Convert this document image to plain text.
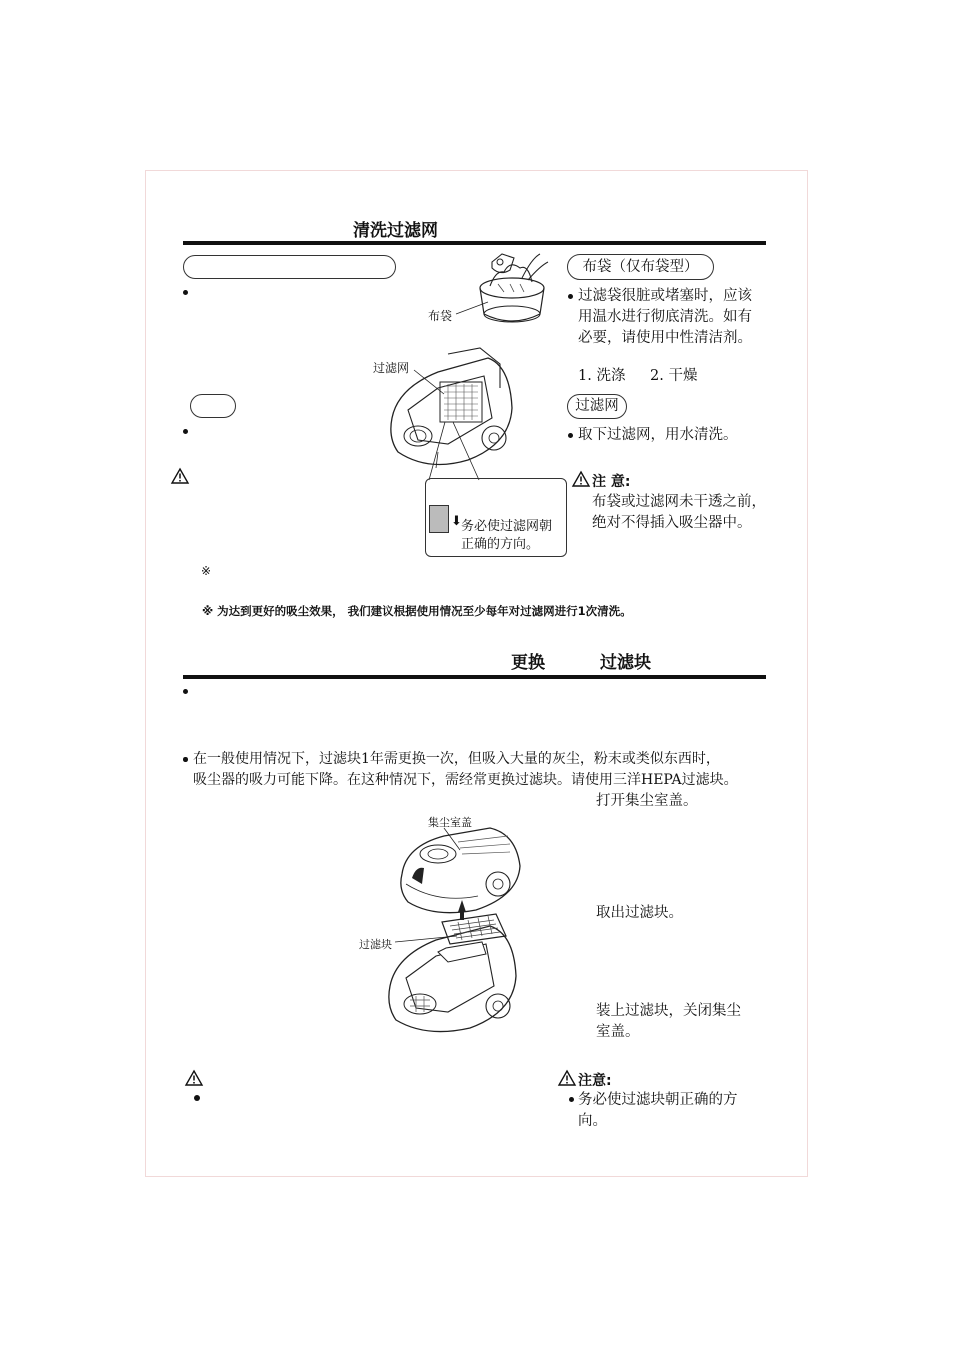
清洗过滤网
※
布袋
过滤网
⬇ 务必使过滤网朝
正确的方向。
布袋（仅布袋型）
过滤袋很脏或堵塞时，应该
用温水进行彻底清洗。如有
必要，请使用中性清洁剂。
1. 洗涤 2. 干燥
过滤网
取下过滤网，用水清洗。
注 意:
布袋或过滤网未干透之前，
绝对不得插入吸尘器中。
※ 为达到更好的吸尘效果， 我们建议根据使用情况至少每年对过滤网进行1次清洗。
更换	过滤块
在一般使用情况下，过滤块1年需更换一次，但吸入大量的灰尘，粉末或类似东西时，
吸尘器的吸力可能下降。在这种情况下，需经常更换过滤块。请使用三洋HEPA过滤块。
集尘室盖
过滤块
打开集尘室盖。
取出过滤块。
装上过滤块，关闭集尘
室盖。
注意:
务必使过滤块朝正确的方
向。
